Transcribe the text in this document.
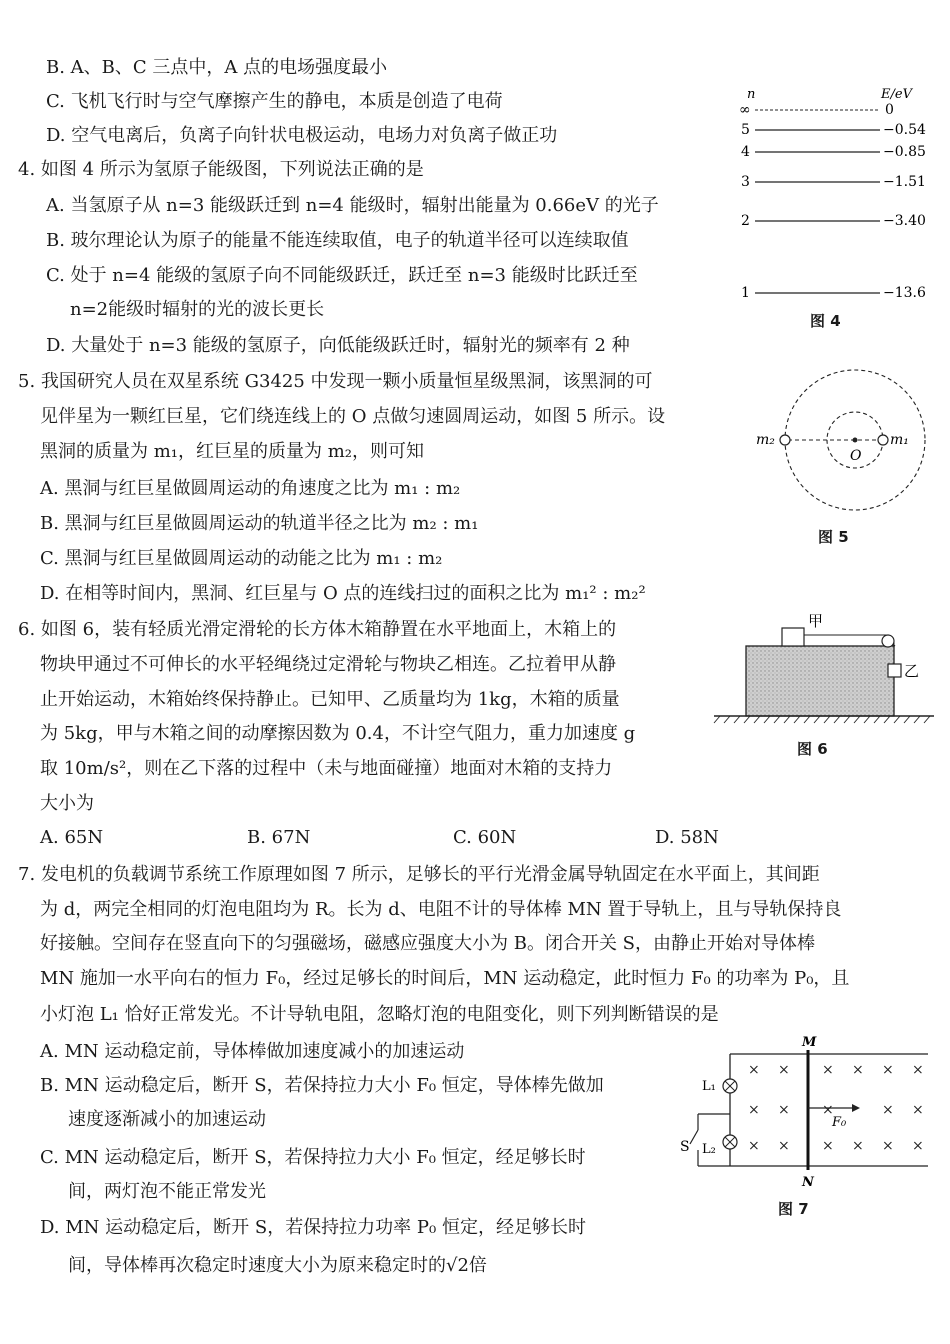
B. A、B、C 三点中，A 点的电场强度最小
C. 飞机飞行时与空气摩擦产生的静电，本质是创造了电荷
D. 空气电离后，负离子向针状电极运动，电场力对负离子做正功
4. 如图 4 所示为氢原子能级图，下列说法正确的是
A. 当氢原子从 n=3 能级跃迁到 n=4 能级时，辐射出能量为 0.66eV 的光子
B. 玻尔理论认为原子的能量不能连续取值，电子的轨道半径可以连续取值
C. 处于 n=4 能级的氢原子向不同能级跃迁，跃迁至 n=3 能级时比跃迁至
n=2能级时辐射的光的波长更长
D. 大量处于 n=3 能级的氢原子，向低能级跃迁时，辐射光的频率有 2 种
n	E/eV
∞	0
5	−0.54
4	−0.85
3	−1.51
2	−3.40
1	−13.6
图 4
5. 我国研究人员在双星系统 G3425 中发现一颗小质量恒星级黑洞，该黑洞的可
见伴星为一颗红巨星，它们绕连线上的 O 点做匀速圆周运动，如图 5 所示。设
黑洞的质量为 m₁，红巨星的质量为 m₂，则可知
A. 黑洞与红巨星做圆周运动的角速度之比为 m₁ : m₂
B. 黑洞与红巨星做圆周运动的轨道半径之比为 m₂ : m₁
C. 黑洞与红巨星做圆周运动的动能之比为 m₁ : m₂
D. 在相等时间内，黑洞、红巨星与 O 点的连线扫过的面积之比为 m₁² : m₂²
m₂	m₁
O
图 5
6. 如图 6，装有轻质光滑定滑轮的长方体木箱静置在水平地面上，木箱上的
物块甲通过不可伸长的水平轻绳绕过定滑轮与物块乙相连。乙拉着甲从静
止开始运动，木箱始终保持静止。已知甲、乙质量均为 1kg，木箱的质量
为 5kg，甲与木箱之间的动摩擦因数为 0.4，不计空气阻力，重力加速度 g
取 10m/s²，则在乙下落的过程中（未与地面碰撞）地面对木箱的支持力
大小为
A. 65N	B. 67N	C. 60N	D. 58N
甲
乙
图 6
7. 发电机的负载调节系统工作原理如图 7 所示，足够长的平行光滑金属导轨固定在水平面上，其间距
为 d，两完全相同的灯泡电阻均为 R。长为 d、电阻不计的导体棒 MN 置于导轨上，且与导轨保持良
好接触。空间存在竖直向下的匀强磁场，磁感应强度大小为 B。闭合开关 S，由静止开始对导体棒
MN 施加一水平向右的恒力 F₀，经过足够长的时间后，MN 运动稳定，此时恒力 F₀ 的功率为 P₀，且
小灯泡 L₁ 恰好正常发光。不计导轨电阻，忽略灯泡的电阻变化，则下列判断错误的是
A. MN 运动稳定前，导体棒做加速度减小的加速运动
B. MN 运动稳定后，断开 S，若保持拉力大小 F₀ 恒定，导体棒先做加
速度逐渐减小的加速运动
C. MN 运动稳定后，断开 S，若保持拉力大小 F₀ 恒定，经足够长时
间，两灯泡不能正常发光
D. MN 运动稳定后，断开 S，若保持拉力功率 P₀ 恒定，经足够长时
间，导体棒再次稳定时速度大小为原来稳定时的√2倍
L₁
L₂
S
M
N
F₀
× × × × × ×
× × ×	× ×
× × × × × ×
图 7
